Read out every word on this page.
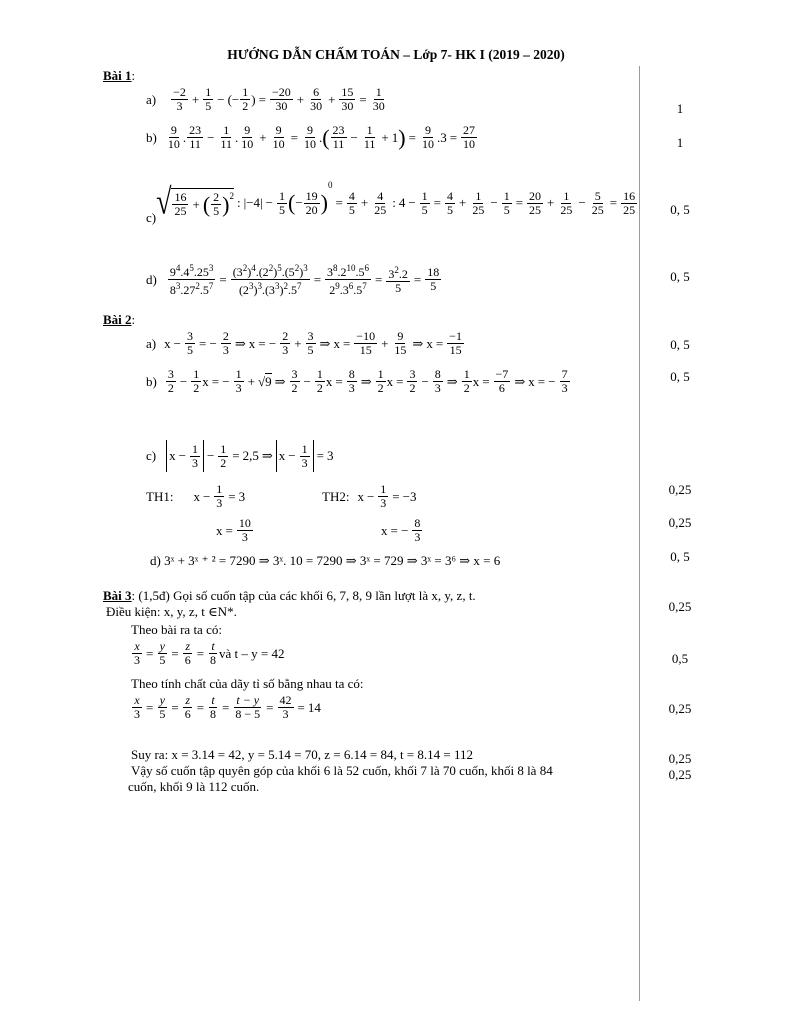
HƯỚNG DẪN CHẤM TOÁN – Lớp 7- HK I (2019 – 2020)
Bài 1:
a) −2
$3 + \frac{1}{5}$ − (− $\frac{1}{2}$ ) = $\frac{-20}{30} + \frac{6}{30} + \frac{15}{30} = \frac{1}{30}$	1
b) 9
10 . 23
$11 - \frac{1}{11}$ . 9
$10 + \frac{9}{10} = \frac{9}{10}$ . ( 23
$11 - \frac{1}{11} + 1$ ) = $\frac{9}{10} .3 = \frac{27}{10}$	1
c) √ 16
25 + ( 2
5 )$^2$ : $|-4| - \frac{1}{5}$ ( − 19
20 )
0
= $\frac{4}{5} + \frac{4}{25}$ : $4 - \frac{1}{5} = \frac{4}{5} + \frac{1}{25} - \frac{1}{5} = \frac{20}{25} + \frac{1}{25} - \frac{5}{25} = \frac{16}{25}$	0, 5
$d) \frac{9^4.4^5.25^3}{8^3.27^2.5^7} = \frac{(3^2)^4.(2^2)^5.(5^2)^3}{(2^3)^3.(3^3)^2.5^7} = \frac{3^8.2^{10}.5^6}{2^9.3^6.5^7} = \frac{3^2.2}{5} = \frac{18}{5}$	0, 5
Bài 2:
a) $x - \frac{3}{5}$ = − $\frac{2}{3}$ ⇒ x = − $\frac{2}{3} + \frac{3}{5}$ ⇒ $x = \frac{-10}{15} + \frac{9}{15}$ ⇒ $x = \frac{-1}{15}$	0, 5
b) 3
$2 - \frac{1}{2}$ x = − $\frac{1}{3}$ + √ 9 ⇒ 3
$2 - \frac{1}{2}$ $x = \frac{8}{3}$ ⇒ $\frac{1}{2}$ $x = \frac{3}{2} - \frac{8}{3}$ ⇒ $\frac{1}{2}$ $x = \frac{-7}{6}$ ⇒ x = − $\frac{7}{3}$	0, 5
c) $x - \frac{1}{3} - \frac{1}{2} = 2,5$ ⇒ $x - \frac{1}{3} = 3$
TH1: $x - \frac{1}{3} = 3$	TH2: $x - \frac{1}{3} = -3$	0,25
$x = \frac{10}{3}$	x = − $\frac{8}{3}$	0,25
d) 3ˣ + 3ˣ ⁺ ² = 7290 ⇒ 3ˣ. 10 = 7290 ⇒ 3ˣ = 729 ⇒ 3ˣ = 3⁶ ⇒ x = 6	0, 5
Bài 3: (1,5đ) Gọi số cuốn tập của các khối 6, 7, 8, 9 lần lượt là x, y, z, t.
Điều kiện: x, y, z, t ∈N*.	0,25
Theo bài ra ta có:
$\frac{x}{3} = \frac{y}{5} = \frac{z}{6} = \frac{t}{8}$ và t – y = 42	0,5
Theo tính chất của dãy tỉ số bằng nhau ta có:
$\frac{x}{3} = \frac{y}{5} = \frac{z}{6} = \frac{t}{8} = \frac{t - y}{8 - 5} = \frac{42}{3} = 14$	0,25
Suy ra: x = 3.14 = 42, y = 5.14 = 70, z = 6.14 = 84, t = 8.14 = 112	0,25
Vậy số cuốn tập quyên góp của khối 6 là 52 cuốn, khối 7 là 70 cuốn, khối 8 là 84
cuốn, khối 9 là 112 cuốn.
0,25
